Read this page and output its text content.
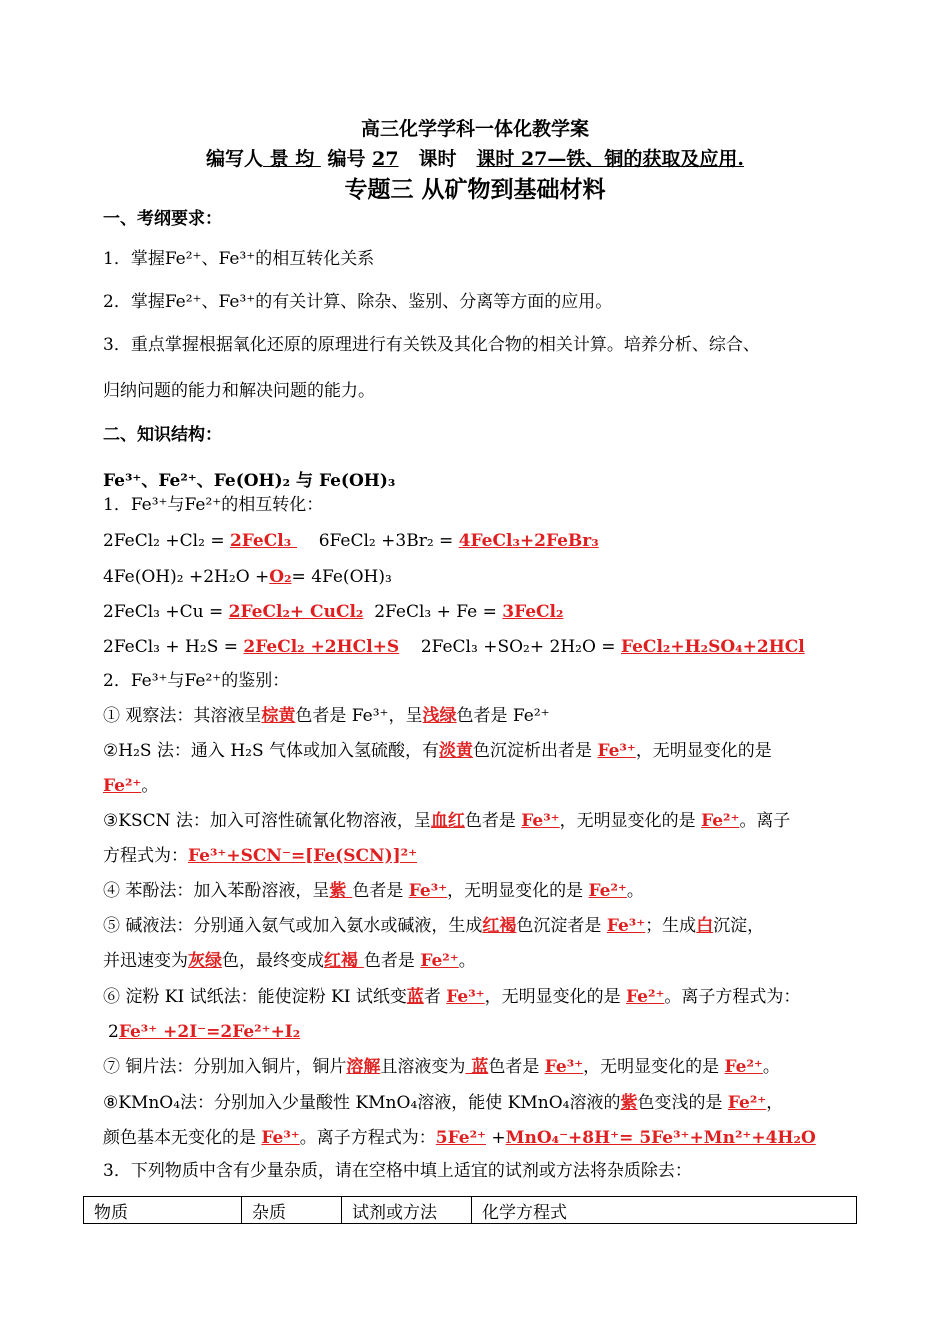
高三化学学科一体化教学案
编写人 景 均  编号 27 课时 课时 27—铁、铜的获取及应用.
专题三 从矿物到基础材料
一、考纲要求：
1．掌握Fe²⁺、Fe³⁺的相互转化关系
2．掌握Fe²⁺、Fe³⁺的有关计算、除杂、鉴别、分离等方面的应用。
3．重点掌握根据氧化还原的原理进行有关铁及其化合物的相关计算。培养分析、综合、
归纳问题的能力和解决问题的能力。
二、知识结构：
Fe³⁺、Fe²⁺、Fe(OH)₂ 与 Fe(OH)₃
1．Fe³⁺与Fe²⁺的相互转化：
2FeCl₂ +Cl₂ = 2FeCl₃     6FeCl₂ +3Br₂ = 4FeCl₃+2FeBr₃
4Fe(OH)₂ +2H₂O +O₂= 4Fe(OH)₃
2FeCl₃ +Cu = 2FeCl₂+ CuCl₂ 2FeCl₃ + Fe = 3FeCl₂
2FeCl₃ + H₂S = 2FeCl₂ +2HCl+S 2FeCl₃ +SO₂+ 2H₂O = FeCl₂+H₂SO₄+2HCl
2．Fe³⁺与Fe²⁺的鉴别：
① 观察法：其溶液呈棕黄色者是 Fe³⁺，呈浅绿色者是 Fe²⁺
②H₂S 法：通入 H₂S 气体或加入氢硫酸，有淡黄色沉淀析出者是 Fe³⁺，无明显变化的是
Fe²⁺。
③KSCN 法：加入可溶性硫氰化物溶液，呈血红色者是 Fe³⁺，无明显变化的是 Fe²⁺。离子
方程式为：Fe³⁺+SCN⁻=[Fe(SCN)]²⁺
④ 苯酚法：加入苯酚溶液，呈紫 色者是 Fe³⁺，无明显变化的是 Fe²⁺。
⑤ 碱液法：分别通入氨气或加入氨水或碱液，生成红褐色沉淀者是 Fe³⁺；生成白沉淀，
并迅速变为灰绿色，最终变成红褐 色者是 Fe²⁺。
⑥ 淀粉 KI 试纸法：能使淀粉 KI 试纸变蓝者 Fe³⁺，无明显变化的是 Fe²⁺。离子方程式为：
2Fe³⁺ +2I⁻=2Fe²⁺+I₂
⑦ 铜片法：分别加入铜片，铜片溶解且溶液变为 蓝色者是 Fe³⁺，无明显变化的是 Fe²⁺。
⑧KMnO₄法：分别加入少量酸性 KMnO₄溶液，能使 KMnO₄溶液的紫色变浅的是 Fe²⁺，
颜色基本无变化的是 Fe³⁺。离子方程式为：5Fe²⁺ +MnO₄⁻+8H⁺= 5Fe³⁺+Mn²⁺+4H₂O
3．下列物质中含有少量杂质，请在空格中填上适宜的试剂或方法将杂质除去：
物质	杂质	试剂或方法	化学方程式
